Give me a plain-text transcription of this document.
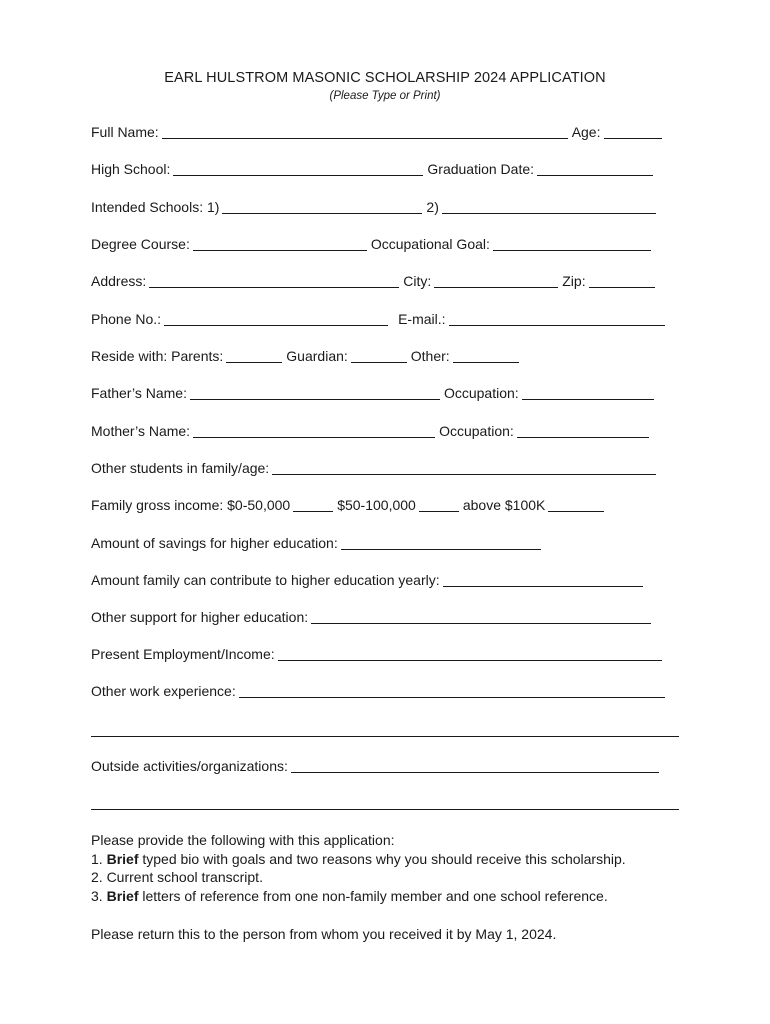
EARL HULSTROM MASONIC SCHOLARSHIP 2024 APPLICATION
(Please Type or Print)
Full Name:	Age:
High School:	Graduation Date:
Intended Schools: 1)	2)
Degree Course:	Occupational Goal:
Address:	City:	Zip:
Phone No.:	E-mail.:
Reside with: Parents:	Guardian:	Other:
Father’s Name:	Occupation:
Mother’s Name:	Occupation:
Other students in family/age:
Family gross income: $0-50,000	$50-100,000	above $100K
Amount of savings for higher education:
Amount family can contribute to higher education yearly:
Other support for higher education:
Present Employment/Income:
Other work experience:
Outside activities/organizations:
Please provide the following with this application:
1. Brief typed bio with goals and two reasons why you should receive this scholarship.
2. Current school transcript.
3. Brief letters of reference from one non-family member and one school reference.
Please return this to the person from whom you received it by May 1, 2024.
